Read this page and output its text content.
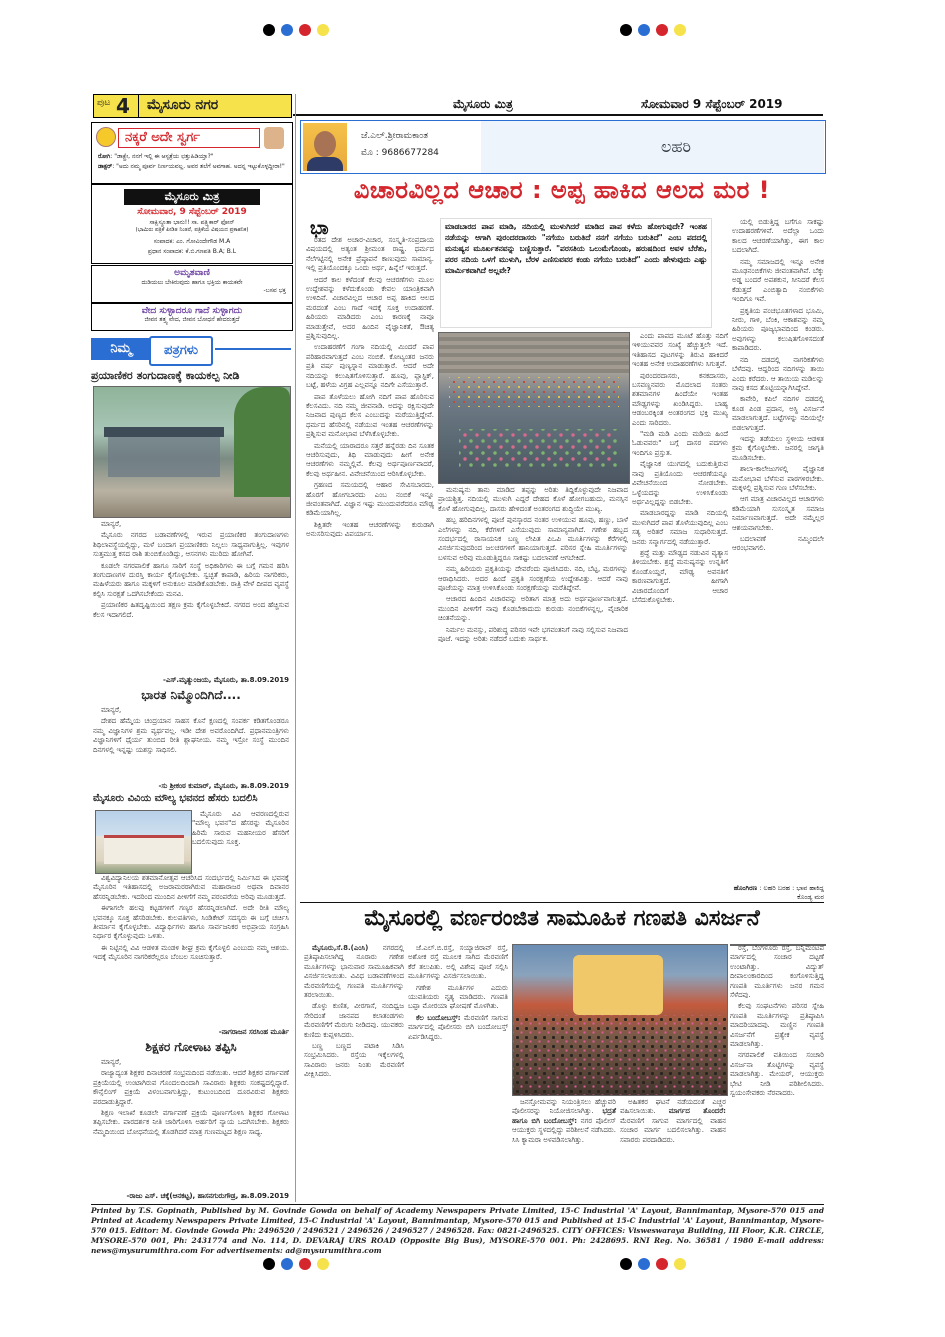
ಪುಟ 4 ಮೈಸೂರು ನಗರ	ಮೈಸೂರು ಮಿತ್ರ	ಸೋಮವಾರ 9 ಸೆಪ್ಟೆಂಬರ್ 2019
ನಕ್ಕರೆ ಅದೇ ಸ್ವರ್ಗ
ರೋಗಿ: "ಡಾಕ್ಟ್ರೇ, ನನಗೆ ಇಲ್ಲಿ ಈ ಆಸ್ಪತ್ರೆಯ ಛತ್ತುಹಿಡಿಯ್ತಾ?"
ಡಾಕ್ಟರ್: "ಅದು ನಮ್ಮ ಪೂರ್ವ ನಿರ್ಣಯವಲ್ಲ. ಅವರ ತಲೆಗೆ ಅವಗಾಹ. ಅದನ್ನ ಇಟ್ಟುಕೊಳ್ಳದ್ದೀರಾ!"
ಮೈಸೂರು ಮಿತ್ರ
ಸೋಮವಾರ, 9 ಸೆಪ್ಟೆಂಬರ್ 2019
ಸಾಕ್ಷಿಸ್ಥೂತಾ ಭಾನು!! ಸಾ. ಪತ್ರ್ಯಿಕಾರ್ ಫೋನ್
(ಭಾಮಿರು ಪತ್ರಿಕೆ ಪೀಡಿತ ನಿಂತರೆ, ಪತ್ರಿಕೆಯ ವಿಷಯದ ಪ್ರಕಾಶನಿಕ)
ಸಂಪಾದಕ: ಎಂ. ಗೋವಿಂದೇಗೌಡ M.A
ಪ್ರಧಾನ ಸಂಪಾದಕ: ಕೆ.ಬಿ.ಗಣಪತಿ B.A; B.L
ಅಮೃತವಾಣಿ
ದುಡಿಯಲು ಬೇಕಿರುವುದು ಹಾಗೂ ಭಕ್ತಿಯ ಕಾಯಕವೇ
-ಬಸವ ಭಕ್ತ
ವೇದ ಸುಳ್ಳಾದರೂ ಗಾದೆ ಸುಳ್ಳಾಗದು
ಜೀವನ ತತ್ತ್ವ ವೇದ, ಜೀವನ ಬೋಧನೆ ಹೇದರುತ್ತದೆ
ನಿಮ್ಮ	ಪತ್ರಗಳು
ಪ್ರಯಾಣಿಕರ ತಂಗುದಾಣಕ್ಕೆ ಕಾಯಕಲ್ಪ ನೀಡಿ

ಮಾನ್ಯರೆ,

ಮೈಸೂರು ನಗರದ ಬಡಾವಣೆಗಳಲ್ಲಿ ಇರುವ ಪ್ರಯಾಣಿಕರ ತಂಗುದಾಣಗಳು ಶಿಥಿಲಾವಸ್ಥೆಯಲ್ಲಿದ್ದು, ಮಳೆ ಬಂದಾಗ ಪ್ರಯಾಣಿಕರು ನಿಲ್ಲಲು ಸಾಧ್ಯವಾಗುತ್ತಿಲ್ಲ. ಇವುಗಳ ಸುತ್ತಮುತ್ತ ಕಸದ ರಾಶಿ ತುಂಬಿಕೊಂಡಿದ್ದು, ಆಸನಗಳು ಮುರಿದು ಹೋಗಿವೆ.

ಕೂಡಲೇ ನಗರಪಾಲಿಕೆ ಹಾಗೂ ಸಾರಿಗೆ ಸಂಸ್ಥೆ ಅಧಿಕಾರಿಗಳು ಈ ಬಗ್ಗೆ ಗಮನ ಹರಿಸಿ ತಂಗುದಾಣಗಳ ದುರಸ್ತಿ ಕಾರ್ಯ ಕೈಗೊಳ್ಳಬೇಕು. ಸ್ವಚ್ಛತೆ ಕಾಪಾಡಿ, ಹಿರಿಯ ನಾಗರಿಕರು, ಮಹಿಳೆಯರು ಹಾಗೂ ಮಕ್ಕಳಿಗೆ ಅನುಕೂಲ ಮಾಡಿಕೊಡಬೇಕು. ರಾತ್ರಿ ವೇಳೆ ದೀಪದ ವ್ಯವಸ್ಥೆ ಕಲ್ಪಿಸಿ ಸುರಕ್ಷತೆ ಒದಗಿಸಬೇಕೆಂದು ಮನವಿ.

ಪ್ರಯಾಣಿಕರ ಹಿತದೃಷ್ಟಿಯಿಂದ ತಕ್ಷಣ ಕ್ರಮ ಕೈಗೊಳ್ಳಬೇಕಿದೆ. ನಗರದ ಅಂದ ಹೆಚ್ಚಿಸುವ ಕೆಲಸ ಇದಾಗಲಿದೆ.

-ಎಸ್.ಮೃತ್ಯುಂಜಯ, ಮೈಸೂರು, ತಾ.8.09.2019
ಭಾರತ ನಿಮ್ಮೊಂದಿಗಿದೆ....

ಮಾನ್ಯರೆ,

ದೇಶದ ಹೆಮ್ಮೆಯ ಚಂದ್ರಯಾನ ಸಾಹಸ ಕೊನೆ ಕ್ಷಣದಲ್ಲಿ ಸಂಪರ್ಕ ಕಡಿತಗೊಂಡರೂ ನಮ್ಮ ವಿಜ್ಞಾನಿಗಳ ಶ್ರಮ ವ್ಯರ್ಥವಲ್ಲ. ಇಡೀ ದೇಶ ಅವರೊಂದಿಗಿದೆ. ಪ್ರಧಾನಮಂತ್ರಿಗಳು ವಿಜ್ಞಾನಿಗಳಿಗೆ ಧೈರ್ಯ ತುಂಬಿದ ರೀತಿ ಶ್ಲಾಘನೀಯ. ನಮ್ಮ ಇಸ್ರೋ ಸಂಸ್ಥೆ ಮುಂದಿನ ದಿನಗಳಲ್ಲಿ ಇನ್ನಷ್ಟು ಯಶಸ್ಸು ಸಾಧಿಸಲಿ.

-ಸು ಶ್ರೀಕಂಠ ಕುಮಾರ್, ಮೈಸೂರು, ತಾ.8.09.2019
ಮೈಸೂರು ವಿವಿಯ ಮೌಲ್ಯ ಭವನದ ಹೆಸರು ಬದಲಿಸಿ

ಮೈಸೂರು ವಿವಿ ಆವರಣದಲ್ಲಿರುವ "ಮೌಲ್ಯ ಭವನ"ದ ಹೆಸರನ್ನು ಮೈಸೂರಿನ ಹಿರಿಮೆ ಸಾರುವ ಮಹನೀಯರ ಹೆಸರಿಗೆ ಬದಲಿಸುವುದು ಸೂಕ್ತ.

ವಿಶ್ವವಿದ್ಯಾನಿಲಯ ಶತಮಾನೋತ್ಸವ ಆಚರಿಸಿದ ಸಂದರ್ಭದಲ್ಲಿ ನಿರ್ಮಿಸಿದ ಈ ಭವನಕ್ಕೆ ಮೈಸೂರಿನ ಇತಿಹಾಸದಲ್ಲಿ ಅಜರಾಮರರಾಗಿರುವ ಮಹಾರಾಜರ ಅಥವಾ ದಿವಾನರ ಹೆಸರನ್ನಿಡಬೇಕು. ಇದರಿಂದ ಮುಂದಿನ ಪೀಳಿಗೆಗೆ ನಮ್ಮ ಪರಂಪರೆಯ ಅರಿವು ಮೂಡುತ್ತದೆ.

ಈಗಾಗಲೇ ಹಲವು ಕಟ್ಟಡಗಳಿಗೆ ಗಣ್ಯರ ಹೆಸರನ್ನಿಡಲಾಗಿದೆ. ಅದೇ ರೀತಿ ಮೌಲ್ಯ ಭವನಕ್ಕೂ ಸೂಕ್ತ ಹೆಸರಿಡಬೇಕು. ಕುಲಪತಿಗಳು, ಸಿಂಡಿಕೇಟ್ ಸದಸ್ಯರು ಈ ಬಗ್ಗೆ ಚರ್ಚಿಸಿ ತೀರ್ಮಾನ ಕೈಗೊಳ್ಳಬೇಕು. ವಿದ್ಯಾರ್ಥಿಗಳು ಹಾಗೂ ಸಾರ್ವಜನಿಕರ ಅಭಿಪ್ರಾಯ ಸಂಗ್ರಹಿಸಿ ನಿರ್ಧಾರ ಕೈಗೊಳ್ಳುವುದು ಒಳಿತು.

ಈ ನಿಟ್ಟಿನಲ್ಲಿ ವಿವಿ ಆಡಳಿತ ಮಂಡಳಿ ಶೀಘ್ರ ಕ್ರಮ ಕೈಗೊಳ್ಳಲಿ ಎಂಬುದು ನಮ್ಮ ಆಶಯ. ಇದಕ್ಕೆ ಮೈಸೂರಿನ ನಾಗರಿಕರೆಲ್ಲರೂ ಬೆಂಬಲ ಸೂಚಿಸುತ್ತಾರೆ.

-ನಾಗರಾಜನ ಸರಸಿಂಹ ಮೂರ್ತಿ
ಶಿಕ್ಷಕರ ಗೋಳಾಟ ತಪ್ಪಿಸಿ

ಮಾನ್ಯರೆ,

ರಾಜ್ಯಾದ್ಯಂತ ಶಿಕ್ಷಕರ ದಿನಾಚರಣೆ ಸಂಭ್ರಮದಿಂದ ನಡೆಯಿತು. ಆದರೆ ಶಿಕ್ಷಕರ ವರ್ಗಾವಣೆ ಪ್ರಕ್ರಿಯೆಯಲ್ಲಿ ಉಂಟಾಗಿರುವ ಗೊಂದಲದಿಂದಾಗಿ ಸಾವಿರಾರು ಶಿಕ್ಷಕರು ಸಂಕಷ್ಟದಲ್ಲಿದ್ದಾರೆ. ಕೌನ್ಸೆಲಿಂಗ್ ಪ್ರಕ್ರಿಯೆ ವಿಳಂಬವಾಗುತ್ತಿದ್ದು, ಕುಟುಂಬದಿಂದ ದೂರವಿರುವ ಶಿಕ್ಷಕರು ಪರದಾಡುತ್ತಿದ್ದಾರೆ.

ಶಿಕ್ಷಣ ಇಲಾಖೆ ಕೂಡಲೇ ವರ್ಗಾವಣೆ ಪ್ರಕ್ರಿಯೆ ಪೂರ್ಣಗೊಳಿಸಿ ಶಿಕ್ಷಕರ ಗೋಳಾಟ ತಪ್ಪಿಸಬೇಕು. ಪಾರದರ್ಶಕ ನೀತಿ ಜಾರಿಗೊಳಿಸಿ ಅರ್ಹರಿಗೆ ನ್ಯಾಯ ಒದಗಿಸಬೇಕು. ಶಿಕ್ಷಕರು ನೆಮ್ಮದಿಯಿಂದ ಬೋಧನೆಯಲ್ಲಿ ತೊಡಗಿದರೆ ಮಾತ್ರ ಗುಣಮಟ್ಟದ ಶಿಕ್ಷಣ ಸಾಧ್ಯ.

-ರಾಜು ಎಸ್. ಚಕ್ಕೆ(ಆನಕಟ್ಟ), ಹಾಸನಗುರುಗೌಡ್ರ, ತಾ.8.09.2019
ಜೆ.ಎಲ್.ಶ್ರೀರಾಮಕಾಂತ
ಮೊ : 9686677284	ಲಹರಿ
ವಿಚಾರವಿಲ್ಲದ ಆಚಾರ : ಅಪ್ಪ ಹಾಕಿದ ಆಲದ ಮರ !
ಮಾಡಬಾರದ ಪಾಪ ಮಾಡಿ, ನದಿಯಲ್ಲಿ ಮುಳುಗಿದರೆ ಮಾಡಿದ ಪಾಪ ಕಳೆದು ಹೋಗುವುದೇ? ಇಂತಹ ನಡೆಯನ್ನು ಆಗಾಗಿ ಪುರಂದರದಾಸರು "ನಗೆಯು ಬರುತಿದೆ ನನಗೆ ನಗೆಯು ಬರುತಿದೆ" ಎಂಬ ಪದದಲ್ಲಿ ಮನುಷ್ಯನ ಮೂರ್ಖತನವನ್ನು ಬಣ್ಣಿಸುತ್ತಾರೆ. "ಪರಸತಿಯ ಒಲುಮೆಗೊಂಡು, ಹರುಷದಿಂದ ಅವಳ ಬೆರೆತು, ಪರರ ನದಿಯ ಒಳಗೆ ಮುಳುಗಿ, ಬೆರಳ ಎಣಿಸುವವರ ಕಂಡು ನಗೆಯು ಬರುತಿದೆ" ಎಂದು ಹೇಳುವುದು ಎಷ್ಟು ಮಾರ್ಮಿಕವಾಗಿದೆ ಅಲ್ಲವೇ?
ಭಾ

ರತದ ದೇಶ ಅಚಾರ-ವಿಚಾರ, ಸಂಸ್ಕೃತಿ-ಸಂಪ್ರದಾಯ ವಿಷಯದಲ್ಲಿ ಅತ್ಯಂತ ಶ್ರೀಮಂತ ರಾಷ್ಟ್ರ. ಧರ್ಮದ ನೆಲೆಗಟ್ಟಿನಲ್ಲಿ ಅನೇಕ ಪ್ರೆಷ್ಠಾಪನೆ ಕಾಣುವುದು ಸಾಮಾನ್ಯ. ಇಲ್ಲಿ ಪ್ರತಿಯೊಂದಕ್ಕೂ ಒಂದು ಅರ್ಥ, ಹಿನ್ನೆಲೆ ಇರುತ್ತದೆ.

ಆದರೆ ಕಾಲ ಕಳೆದಂತೆ ಕೆಲವು ಆಚರಣೆಗಳು ಮೂಲ ಉದ್ದೇಶವನ್ನು ಕಳೆದುಕೊಂಡು ಕೇವಲ ಯಾಂತ್ರಿಕವಾಗಿ ಉಳಿದಿವೆ. ವಿಚಾರವಿಲ್ಲದ ಆಚಾರ ಅಪ್ಪ ಹಾಕಿದ ಆಲದ ಮರದಂತೆ ಎಂಬ ಗಾದೆ ಇದಕ್ಕೆ ಸೂಕ್ತ ಉದಾಹರಣೆ. ಹಿರಿಯರು ಮಾಡಿದರು ಎಂಬ ಕಾರಣಕ್ಕೆ ನಾವೂ ಮಾಡುತ್ತೇವೆ, ಅದರ ಹಿಂದಿನ ವೈಜ್ಞಾನಿಕತೆ, ಔಚಿತ್ಯ ಪ್ರಶ್ನಿಸುವುದಿಲ್ಲ.

ಉದಾಹರಣೆಗೆ ಗಂಗಾ ನದಿಯಲ್ಲಿ ಮಿಂದರೆ ಪಾಪ ಪರಿಹಾರವಾಗುತ್ತದೆ ಎಂಬ ನಂಬಿಕೆ. ಕೋಟ್ಯಂತರ ಜನರು ಪ್ರತಿ ವರ್ಷ ಪುಣ್ಯಸ್ನಾನ ಮಾಡುತ್ತಾರೆ. ಆದರೆ ಅದೇ ನದಿಯನ್ನು ಕಲುಷಿತಗೊಳಿಸುತ್ತಾರೆ. ಹೂವು, ಪ್ಲಾಸ್ಟಿಕ್, ಬಟ್ಟೆ, ಹಳೆಯ ವಿಗ್ರಹ ಎಲ್ಲವನ್ನೂ ನದಿಗೇ ಎಸೆಯುತ್ತಾರೆ.

ಪಾಪ ತೊಳೆಯಲು ಹೋಗಿ ನದಿಗೆ ಪಾಪ ಹೊರಿಸುವ ಕೆಲಸವಿದು. ನದಿ ನಮ್ಮ ಜೀವನಾಡಿ. ಅದನ್ನು ರಕ್ಷಿಸುವುದೇ ನಿಜವಾದ ಪುಣ್ಯದ ಕೆಲಸ ಎಂಬುದನ್ನು ಮರೆಯುತ್ತಿದ್ದೇವೆ. ಧರ್ಮದ ಹೆಸರಿನಲ್ಲಿ ನಡೆಯುವ ಇಂತಹ ಆಚರಣೆಗಳನ್ನು ಪ್ರಶ್ನಿಸುವ ಮನೋಭಾವ ಬೆಳೆಸಿಕೊಳ್ಳಬೇಕು.

ಮನೆಯಲ್ಲಿ ಯಾರಾದರೂ ಸತ್ತರೆ ಹನ್ನೆರಡು ದಿನ ಸೂತಕ ಆಚರಿಸುವುದು, ತಿಥಿ ಮಾಡುವುದು ಹೀಗೆ ಅನೇಕ ಆಚರಣೆಗಳು ನಮ್ಮಲ್ಲಿವೆ. ಕೆಲವು ಅರ್ಥಪೂರ್ಣವಾದರೆ, ಕೆಲವು ಅರ್ಥಹೀನ. ವಿವೇಚನೆಯಿಂದ ಆರಿಸಿಕೊಳ್ಳಬೇಕು.

ಗ್ರಹಣದ ಸಮಯದಲ್ಲಿ ಆಹಾರ ಸೇವಿಸಬಾರದು, ಹೊರಗೆ ಹೋಗಬಾರದು ಎಂಬ ನಂಬಿಕೆ ಇನ್ನೂ ಜೀವಂತವಾಗಿದೆ. ವಿಜ್ಞಾನ ಇಷ್ಟು ಮುಂದುವರೆದರೂ ಮೌಢ್ಯ ಕಡಿಮೆಯಾಗಿಲ್ಲ.

ಶಿಕ್ಷಿತರೇ ಇಂತಹ ಆಚರಣೆಗಳನ್ನು ಕುರುಡಾಗಿ ಅನುಸರಿಸುವುದು ವಿಪರ್ಯಾಸ.

ಮನುಷ್ಯನು ತಾನು ಮಾಡಿದ ತಪ್ಪನ್ನು ಅರಿತು ತಿದ್ದಿಕೊಳ್ಳುವುದೇ ನಿಜವಾದ ಪ್ರಾಯಶ್ಚಿತ್ತ. ನದಿಯಲ್ಲಿ ಮುಳುಗಿ ಎದ್ದರೆ ದೇಹದ ಕೊಳೆ ಹೋಗಬಹುದು, ಮನಸ್ಸಿನ ಕೊಳೆ ಹೋಗುವುದಿಲ್ಲ. ದಾಸರು ಹೇಳಿದಂತೆ ಅಂತರಂಗದ ಶುದ್ಧಿಯೇ ಮುಖ್ಯ.

ಹಬ್ಬ ಹರಿದಿನಗಳಲ್ಲಿ ಪೂಜೆ ಪುನಸ್ಕಾರದ ನಂತರ ಉಳಿಯುವ ಹೂವು, ಹಣ್ಣು, ಬಾಳೆ ಎಲೆಗಳನ್ನು ನದಿ, ಕೆರೆಗಳಿಗೆ ಎಸೆಯುವುದು ಸಾಮಾನ್ಯವಾಗಿದೆ. ಗಣೇಶ ಹಬ್ಬದ ಸಂದರ್ಭದಲ್ಲಿ ರಾಸಾಯನಿಕ ಬಣ್ಣ ಲೇಪಿತ ಪಿಒಪಿ ಮೂರ್ತಿಗಳನ್ನು ಕೆರೆಗಳಲ್ಲಿ ವಿಸರ್ಜಿಸುವುದರಿಂದ ಜಲಚರಗಳಿಗೆ ಹಾನಿಯಾಗುತ್ತದೆ. ಪರಿಸರ ಸ್ನೇಹಿ ಮೂರ್ತಿಗಳನ್ನು ಬಳಸುವ ಅರಿವು ಮೂಡುತ್ತಿದ್ದರೂ ಸಾಕಷ್ಟು ಬದಲಾವಣೆ ಆಗಬೇಕಿದೆ.

ನಮ್ಮ ಹಿರಿಯರು ಪ್ರಕೃತಿಯನ್ನು ದೇವರೆಂದು ಪೂಜಿಸಿದರು. ನದಿ, ಬೆಟ್ಟ, ಮರಗಳನ್ನು ಆರಾಧಿಸಿದರು. ಅದರ ಹಿಂದೆ ಪ್ರಕೃತಿ ಸಂರಕ್ಷಣೆಯ ಉದ್ದೇಶವಿತ್ತು. ಆದರೆ ನಾವು ಪೂಜೆಯನ್ನು ಮಾತ್ರ ಉಳಿಸಿಕೊಂಡು ಸಂರಕ್ಷಣೆಯನ್ನು ಮರೆತಿದ್ದೇವೆ.

ಆಚಾರದ ಹಿಂದಿನ ವಿಚಾರವನ್ನು ಅರಿತಾಗ ಮಾತ್ರ ಅದು ಅರ್ಥಪೂರ್ಣವಾಗುತ್ತದೆ. ಮುಂದಿನ ಪೀಳಿಗೆಗೆ ನಾವು ಕೊಡಬೇಕಾದುದು ಕುರುಡು ನಂಬಿಕೆಗಳನ್ನಲ್ಲ, ವೈಚಾರಿಕ ಚಿಂತನೆಯನ್ನು.

ನಿರ್ಮಲ ಮನಸ್ಸು, ಪರಿಶುದ್ಧ ಪರಿಸರ ಇವೇ ಭಗವಂತನಿಗೆ ನಾವು ಸಲ್ಲಿಸುವ ನಿಜವಾದ ಪೂಜೆ. ಇದನ್ನು ಅರಿತು ನಡೆದರೆ ಬದುಕು ಸಾರ್ಥಕ.

ಎಂದು ಪಾಪದ ಮೂಟೆ ಹೊತ್ತು ನದಿಗೆ ಇಳಿಯುವವರ ಸಂಖ್ಯೆ ಹೆಚ್ಚುತ್ತಲೇ ಇದೆ. ಇತಿಹಾಸದ ಪುಟಗಳನ್ನು ತಿರುವಿ ಹಾಕಿದರೆ ಇಂತಹ ಅನೇಕ ಉದಾಹರಣೆಗಳು ಸಿಗುತ್ತವೆ.

ಪುರಂದರದಾಸರು, ಕನಕದಾಸರು, ಬಸವಣ್ಣನವರು ಮೊದಲಾದ ಸಂತರು ಶತಮಾನಗಳ ಹಿಂದೆಯೇ ಇಂತಹ ಮೌಢ್ಯಗಳನ್ನು ಖಂಡಿಸಿದ್ದರು. ಬಾಹ್ಯ ಆಡಂಬರಕ್ಕಿಂತ ಅಂತರಂಗದ ಭಕ್ತಿ ಮುಖ್ಯ ಎಂದು ಸಾರಿದರು.

"ಮಡಿ ಮಡಿ ಎಂದು ಮಡಿಯ ಹಿಂದೆ ಓಡುವವರು" ಬಗ್ಗೆ ದಾಸರ ಪದಗಳು ಇಂದಿಗೂ ಪ್ರಸ್ತುತ.

ವೈಜ್ಞಾನಿಕ ಯುಗದಲ್ಲಿ ಬದುಕುತ್ತಿರುವ ನಾವು ಪ್ರತಿಯೊಂದು ಆಚರಣೆಯನ್ನೂ ವಿವೇಚನೆಯಿಂದ ನೋಡಬೇಕು. ಒಳ್ಳೆಯದನ್ನು ಉಳಿಸಿಕೊಂಡು ಅರ್ಥವಿಲ್ಲದ್ದನ್ನು ಬಿಡಬೇಕು.

ಮಾಡಬಾರದ್ದನ್ನು ಮಾಡಿ ನದಿಯಲ್ಲಿ ಮುಳುಗಿದರೆ ಪಾಪ ತೊಳೆಯುವುದಿಲ್ಲ ಎಂಬ ಸತ್ಯ ಅರಿತರೆ ಸಮಾಜ ಸುಧಾರಿಸುತ್ತದೆ. ಜನರು ಸನ್ಮಾರ್ಗದಲ್ಲಿ ನಡೆಯುತ್ತಾರೆ.

ಶ್ರದ್ಧೆ ಮತ್ತು ಮೌಢ್ಯದ ನಡುವಿನ ವ್ಯತ್ಯಾಸ ತಿಳಿಯಬೇಕು. ಶ್ರದ್ಧೆ ಮನುಷ್ಯನನ್ನು ಉನ್ನತಿಗೆ ಕೊಂಡೊಯ್ದರೆ, ಮೌಢ್ಯ ಅವನತಿಗೆ ಕಾರಣವಾಗುತ್ತದೆ. ಹೀಗಾಗಿ ವಿಚಾರದೊಂದಿಗೆ ಆಚಾರ ಬೆಸೆದುಕೊಳ್ಳಬೇಕು.

ಯಲ್ಲಿ ಬಿಡುತ್ತಿದ್ದ ಬಗೆಗೂ ಸಾಕಷ್ಟು ಉದಾಹರಣೆಗಳಿವೆ. ಅದೆಲ್ಲಾ ಒಂದು ಕಾಲದ ಆಚರಣೆಯಾಗಿತ್ತು, ಈಗ ಕಾಲ ಬದಲಾಗಿದೆ.

ನಮ್ಮ ಸಮಾಜದಲ್ಲಿ ಇನ್ನೂ ಅನೇಕ ಮೂಢನಂಬಿಕೆಗಳು ಜೀವಂತವಾಗಿವೆ. ಬೆಕ್ಕು ಅಡ್ಡ ಬಂದರೆ ಅಪಶಕುನ, ಸೀನಿದರೆ ಕೆಲಸ ಕೆಡುತ್ತದೆ ಎಂಬಿತ್ಯಾದಿ ನಂಬಿಕೆಗಳು ಇಂದಿಗೂ ಇವೆ.

ಪ್ರಕೃತಿಯ ಪಂಚಭೂತಗಳಾದ ಭೂಮಿ, ನೀರು, ಗಾಳಿ, ಬೆಂಕಿ, ಆಕಾಶವನ್ನು ನಮ್ಮ ಹಿರಿಯರು ಪೂಜ್ಯಭಾವದಿಂದ ಕಂಡರು. ಅವುಗಳನ್ನು ಕಲುಷಿತಗೊಳಿಸದಂತೆ ಕಾಪಾಡಿದರು.

ನದಿ ದಡದಲ್ಲಿ ನಾಗರಿಕತೆಗಳು ಬೆಳೆದವು. ಆದ್ದರಿಂದ ನದಿಗಳನ್ನು ತಾಯಿ ಎಂದು ಕರೆದರು. ಆ ತಾಯಿಯ ಮಡಿಲನ್ನು ನಾವು ಕಸದ ತೊಟ್ಟಿಯನ್ನಾಗಿಸಿದ್ದೇವೆ.

ಕಾವೇರಿ, ಕಪಿಲೆ ನದಿಗಳ ದಡದಲ್ಲಿ ಕೂಡ ಪಿಂಡ ಪ್ರದಾನ, ಅಸ್ಥಿ ವಿಸರ್ಜನೆ ಮಾಡಲಾಗುತ್ತದೆ. ಬಟ್ಟೆಗಳನ್ನು ನದಿಯಲ್ಲೇ ಬಿಡಲಾಗುತ್ತದೆ.

ಇದನ್ನು ತಡೆಯಲು ಸ್ಥಳೀಯ ಆಡಳಿತ ಕ್ರಮ ಕೈಗೊಳ್ಳಬೇಕು. ಜನರಲ್ಲಿ ಜಾಗೃತಿ ಮೂಡಿಸಬೇಕು.

ಶಾಲಾ-ಕಾಲೇಜುಗಳಲ್ಲಿ ವೈಜ್ಞಾನಿಕ ಮನೋಭಾವ ಬೆಳೆಸುವ ಪಾಠಗಳಿರಬೇಕು. ಮಕ್ಕಳಲ್ಲಿ ಪ್ರಶ್ನಿಸುವ ಗುಣ ಬೆಳೆಸಬೇಕು.

ಆಗ ಮಾತ್ರ ವಿಚಾರವಿಲ್ಲದ ಆಚಾರಗಳು ಕಡಿಮೆಯಾಗಿ ಸುಸಂಸ್ಕೃತ ಸಮಾಜ ನಿರ್ಮಾಣವಾಗುತ್ತದೆ. ಅದೇ ನಮ್ಮೆಲ್ಲರ ಆಶಯವಾಗಬೇಕು.

ಬದಲಾವಣೆ ನಮ್ಮಿಂದಲೇ ಆರಂಭವಾಗಲಿ.

ಹೊಂಗಿರಣ : ಲಹರಿ ಬರಹ : ಭಾವ ಹಾಕಿದ್ದ ಕೊಂಡ್ಯ ಮರ
ಮೈಸೂರಲ್ಲಿ ವರ್ಣರಂಜಿತ ಸಾಮೂಹಿಕ ಗಣಪತಿ ವಿಸರ್ಜನೆ

ಮೈಸೂರು,ಸೆ.8.(ಎಂಸಿ) ನಗರದಲ್ಲಿ ಪ್ರತಿಷ್ಠಾಪಿಸಲಾಗಿದ್ದ ನೂರಾರು ಗಣೇಶ ಮೂರ್ತಿಗಳನ್ನು ಭಾನುವಾರ ಸಾಮೂಹಿಕವಾಗಿ ವಿಸರ್ಜಿಸಲಾಯಿತು. ವಿವಿಧ ಬಡಾವಣೆಗಳಿಂದ ಮೆರವಣಿಗೆಯಲ್ಲಿ ಗಣಪತಿ ಮೂರ್ತಿಗಳನ್ನು ತರಲಾಯಿತು.

ಡೊಳ್ಳು ಕುಣಿತ, ವೀರಗಾಸೆ, ನಂದಿಧ್ವಜ ಸೇರಿದಂತೆ ಜಾನಪದ ಕಲಾತಂಡಗಳು ಮೆರವಣಿಗೆಗೆ ಮೆರುಗು ನೀಡಿದವು. ಯುವಕರು ಕುಣಿದು ಕುಪ್ಪಳಿಸಿದರು.

ಬಣ್ಣ ಬಣ್ಣದ ಪಟಾಕಿ ಸಿಡಿಸಿ ಸಂಭ್ರಮಿಸಿದರು. ರಸ್ತೆಯ ಇಕ್ಕೆಲಗಳಲ್ಲಿ ಸಾವಿರಾರು ಜನರು ನಿಂತು ಮೆರವಣಿಗೆ ವೀಕ್ಷಿಸಿದರು.

ಜೆ.ಎಲ್.ಬಿ.ರಸ್ತೆ, ಸಯ್ಯಾಜಿರಾವ್ ರಸ್ತೆ, ಅಶೋಕ ರಸ್ತೆ ಮೂಲಕ ಸಾಗಿದ ಮೆರವಣಿಗೆ ಕೆರೆ ತಲುಪಿತು. ಅಲ್ಲಿ ವಿಶೇಷ ಪೂಜೆ ಸಲ್ಲಿಸಿ ಮೂರ್ತಿಗಳನ್ನು ವಿಸರ್ಜಿಸಲಾಯಿತು.

ಗಣೇಶ ಮೂರ್ತಿಗಳ ಎದುರು ಯುವತಿಯರು ನೃತ್ಯ ಮಾಡಿದರು. ಗಣಪತಿ ಬಪ್ಪಾ ಮೋರಯಾ ಘೋಷಣೆ ಮೊಳಗಿತು.

ಕೆಲ ಬಂದೋಬಸ್ತ್: ಮೆರವಣಿಗೆ ಸಾಗುವ ಮಾರ್ಗದಲ್ಲಿ ಪೊಲೀಸರು ಬಿಗಿ ಬಂದೋಬಸ್ತ್ ಏರ್ಪಡಿಸಿದ್ದರು.

ಜನಸ್ತೋಮವನ್ನು ನಿಯಂತ್ರಿಸಲು ಹೆಚ್ಚುವರಿ ಪೊಲೀಸರನ್ನು ನಿಯೋಜಿಸಲಾಗಿತ್ತು. ಭದ್ರತೆ ಹಾಗೂ ಬಿಗಿ ಬಂದೋಬಸ್ತ್: ನಗರ ಪೊಲೀಸ್ ಆಯುಕ್ತರು ಸ್ಥಳದಲ್ಲಿದ್ದು ಪರಿಶೀಲನೆ ನಡೆಸಿದರು. ಸಿಸಿ ಕ್ಯಾಮರಾ ಅಳವಡಿಸಲಾಗಿತ್ತು.

ಅಹಿತಕರ ಘಟನೆ ನಡೆಯದಂತೆ ಎಚ್ಚರ ವಹಿಸಲಾಯಿತು. ಮಾರ್ಗದ ತೊಂದರೆ: ಮೆರವಣಿಗೆ ಸಾಗುವ ಮಾರ್ಗದಲ್ಲಿ ವಾಹನ ಸಂಚಾರ ಮಾರ್ಗ ಬದಲಿಸಲಾಗಿತ್ತು. ವಾಹನ ಸವಾರರು ಪರದಾಡಿದರು.

ರಸ್ತೆ, ಬೆಂಗಳೂರು ರಸ್ತೆ, ಬನ್ನಿಮಂಟಪ ಮಾರ್ಗದಲ್ಲಿ ಸಂಚಾರ ದಟ್ಟಣೆ ಉಂಟಾಗಿತ್ತು. ವಿದ್ಯುತ್ ದೀಪಾಲಂಕಾರದಿಂದ ಕಂಗೊಳಿಸುತ್ತಿದ್ದ ಗಣಪತಿ ಮೂರ್ತಿಗಳು ಜನರ ಗಮನ ಸೆಳೆದವು.

ಕೆಲವು ಸಂಘಟನೆಗಳು ಪರಿಸರ ಸ್ನೇಹಿ ಗಣಪತಿ ಮೂರ್ತಿಗಳನ್ನು ಪ್ರತಿಷ್ಠಾಪಿಸಿ ಮಾದರಿಯಾದವು. ಮಣ್ಣಿನ ಗಣಪತಿ ವಿಸರ್ಜನೆಗೆ ಪ್ರತ್ಯೇಕ ವ್ಯವಸ್ಥೆ ಮಾಡಲಾಗಿತ್ತು.

ನಗರಪಾಲಿಕೆ ವತಿಯಿಂದ ಸಂಚಾರಿ ವಿಸರ್ಜನಾ ತೊಟ್ಟಿಗಳನ್ನು ವ್ಯವಸ್ಥೆ ಮಾಡಲಾಗಿತ್ತು. ಮೇಯರ್, ಆಯುಕ್ತರು ಭೇಟಿ ನೀಡಿ ಪರಿಶೀಲಿಸಿದರು. ಸ್ವಯಂಸೇವಕರು ನೆರವಾದರು.

Printed by T.S. Gopinath, Published by M. Govinde Gowda on behalf of Academy Newspapers Private Limited, 15-C Industrial 'A' Layout, Bannimantap, Mysore-570 015 and Printed at Academy Newspapers Private Limited, 15-C Industrial 'A' Layout, Bannimantap, Mysore-570 015 and Published at 15-C Industrial 'A' Layout, Bannimantap, Mysore-570 015. Editor: M. Govinde Gowda Ph: 2496520 / 2496521 / 2496526 / 2496527 / 2496528. Fax: 0821-2496525. CITY OFFICES: Visweswaraya Building, III Floor, K.R. CIRCLE, MYSORE-570 001, Ph: 2431774 and No. 114, D. DEVARAJ URS ROAD (Opposite Big Bus), MYSORE-570 001. Ph: 2428695. RNI Reg. No. 36581 / 1980 E-mail address: news@mysurumithra.com For advertisements: ad@mysurumithra.com
